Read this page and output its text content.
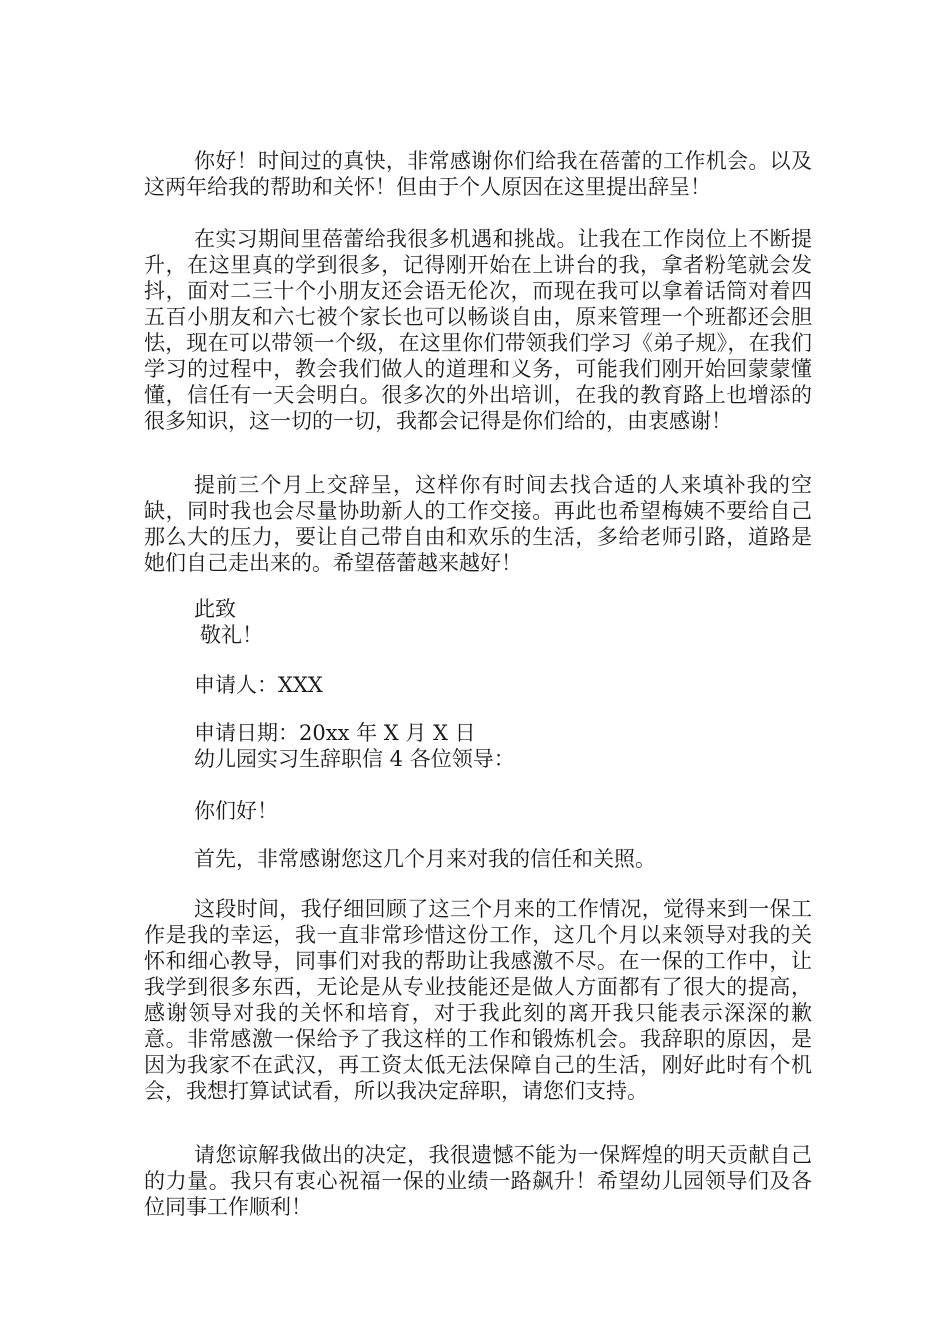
你好！时间过的真快，非常感谢你们给我在蓓蕾的工作机会。以及这两年给我的帮助和关怀！但由于个人原因在这里提出辞呈！

在实习期间里蓓蕾给我很多机遇和挑战。让我在工作岗位上不断提升，在这里真的学到很多，记得刚开始在上讲台的我，拿者粉笔就会发抖，面对二三十个小朋友还会语无伦次，而现在我可以拿着话筒对着四五百小朋友和六七被个家长也可以畅谈自由，原来管理一个班都还会胆怯，现在可以带领一个级，在这里你们带领我们学习《弟子规》，在我们学习的过程中，教会我们做人的道理和义务，可能我们刚开始回蒙蒙懂懂，信任有一天会明白。很多次的外出培训，在我的教育路上也增添的很多知识，这一切的一切，我都会记得是你们给的，由衷感谢！

提前三个月上交辞呈，这样你有时间去找合适的人来填补我的空缺，同时我也会尽量协助新人的工作交接。再此也希望梅姨不要给自己那么大的压力，要让自己带自由和欢乐的生活，多给老师引路，道路是她们自己走出来的。希望蓓蕾越来越好！

此致

敬礼！

申请人：XXX

申请日期：20xx 年 X 月 X 日

幼儿园实习生辞职信 4 各位领导：

你们好！

首先，非常感谢您这几个月来对我的信任和关照。

这段时间，我仔细回顾了这三个月来的工作情况，觉得来到一保工作是我的幸运，我一直非常珍惜这份工作，这几个月以来领导对我的关怀和细心教导，同事们对我的帮助让我感激不尽。在一保的工作中，让我学到很多东西，无论是从专业技能还是做人方面都有了很大的提高，感谢领导对我的关怀和培育，对于我此刻的离开我只能表示深深的歉意。非常感激一保给予了我这样的工作和锻炼机会。我辞职的原因，是因为我家不在武汉，再工资太低无法保障自己的生活，刚好此时有个机会，我想打算试试看，所以我决定辞职，请您们支持。

请您谅解我做出的决定，我很遗憾不能为一保辉煌的明天贡献自己的力量。我只有衷心祝福一保的业绩一路飙升！希望幼儿园领导们及各位同事工作顺利！
